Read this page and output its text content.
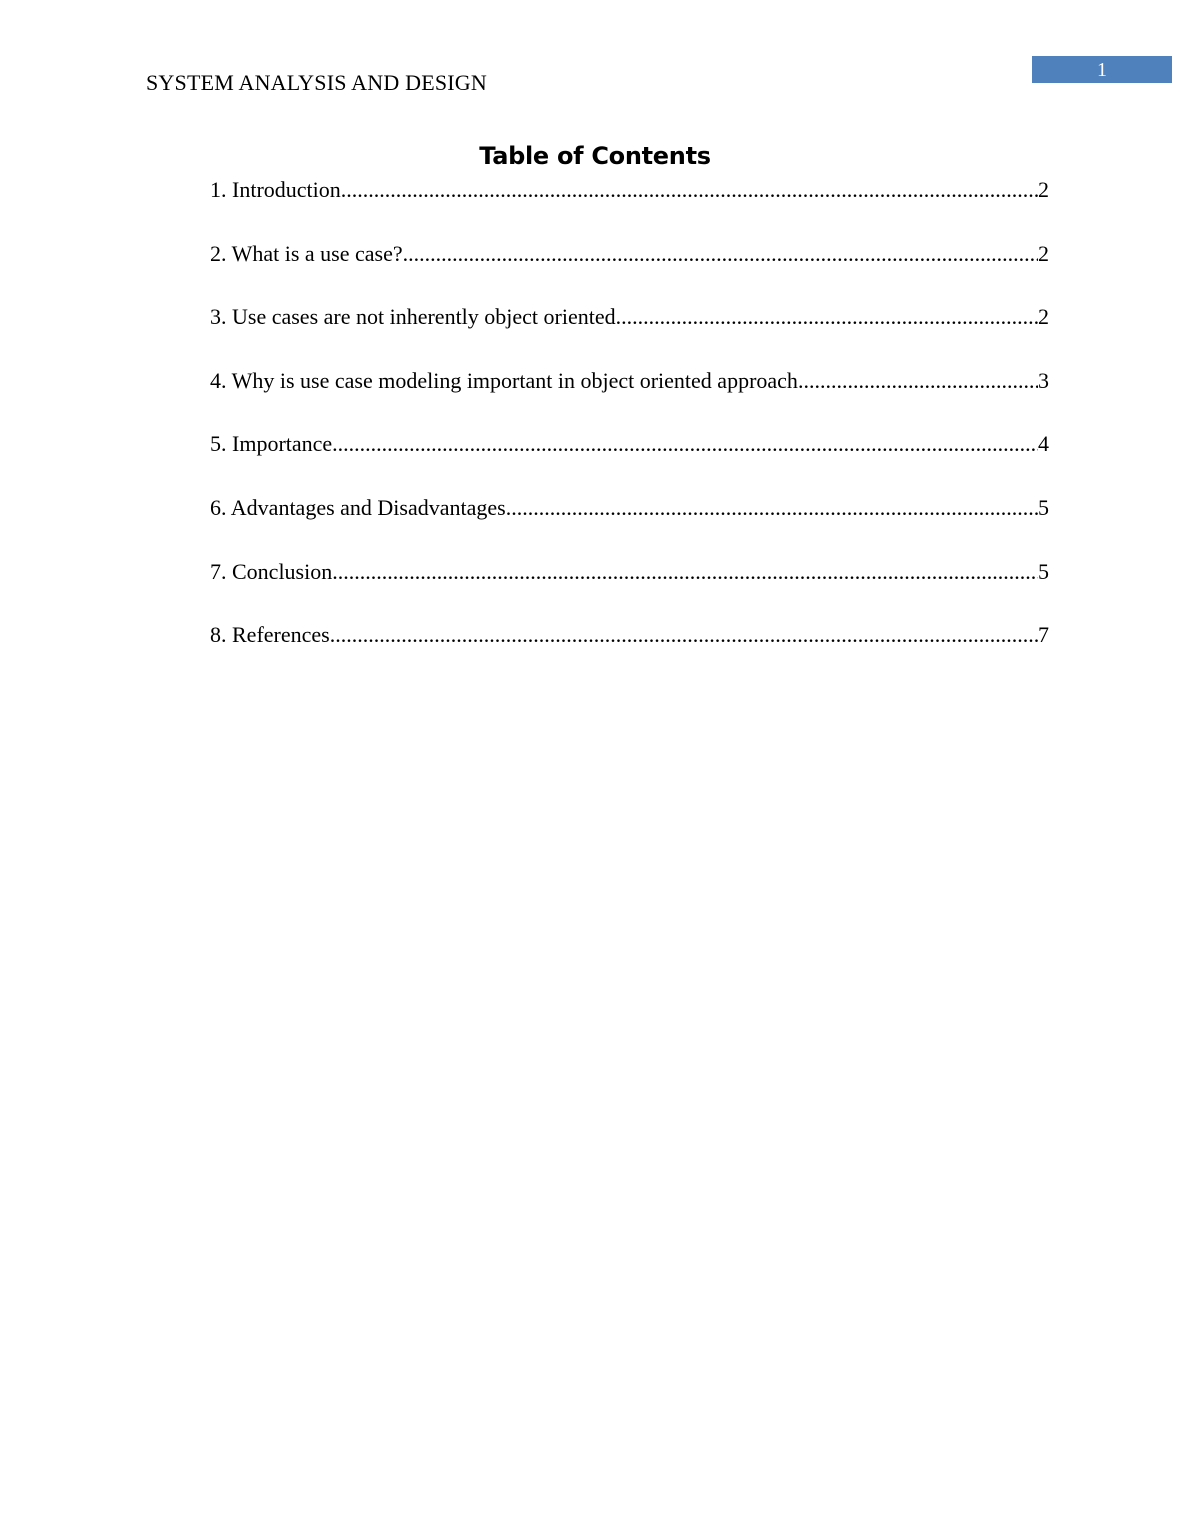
SYSTEM ANALYSIS AND DESIGN	1
Table of Contents
1. Introduction .....	2
2. What is a use case? .....	2
3. Use cases are not inherently object oriented .....	2
4. Why is use case modeling important in object oriented approach .....	3
5. Importance .....	4
6. Advantages and Disadvantages .....	5
7. Conclusion .....	5
8. References .....	7
